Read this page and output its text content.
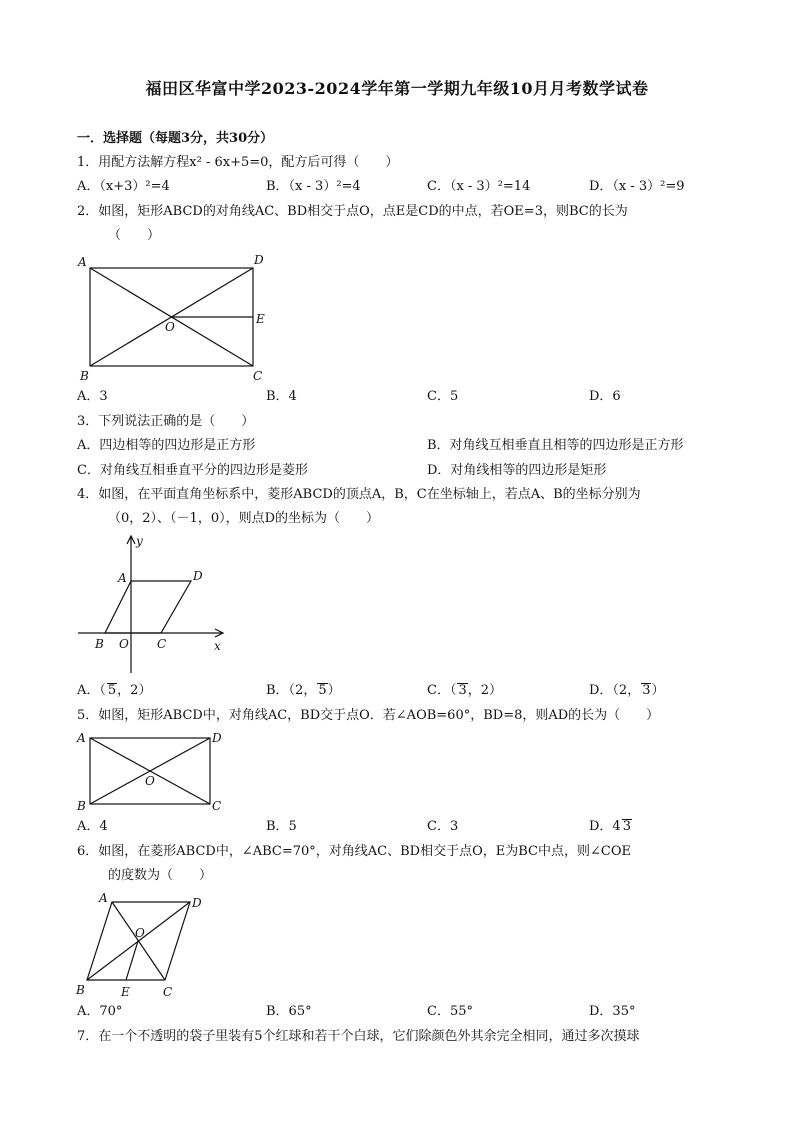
福田区华富中学2023-2024学年第一学期九年级10月月考数学试卷
一．选择题（每题3分，共30分）
1．用配方法解方程x² - 6x+5=0，配方后可得（　　）
A．（x+3）²=4	B．（x - 3）²=4	C．（x - 3）²=14	D．（x - 3）²=9
2．如图，矩形ABCD的对角线AC、BD相交于点O，点E是CD的中点，若OE=3，则BC的长为
（　　）
A	D
E
O
B	C
A．3	B．4	C．5	D．6
3．下列说法正确的是（　　）
A．四边相等的四边形是正方形	B．对角线互相垂直且相等的四边形是正方形
C．对角线互相垂直平分的四边形是菱形	D．对角线相等的四边形是矩形
4．如图，在平面直角坐标系中，菱形ABCD的顶点A，B，C在坐标轴上，若点A、B的坐标分别为
（0，2）、（－1，0），则点D的坐标为（　　）
y
A	D
B O C	x
A．（ 5，2）	B．（2， 5）	C．（ 3，2）	D．（2， 3）
5．如图，矩形ABCD中，对角线AC，BD交于点O．若∠AOB=60°，BD=8，则AD的长为（　　）
A	D
O
B	C
A．4	B．5	C．3	D．4 3
6．如图，在菱形ABCD中，∠ABC=70°，对角线AC、BD相交于点O，E为BC中点，则∠COE
的度数为（　　）
A	D
O
B	E	C
A．70°	B．65°	C．55°	D．35°
7．在一个不透明的袋子里装有5个红球和若干个白球，它们除颜色外其余完全相同，通过多次摸球
